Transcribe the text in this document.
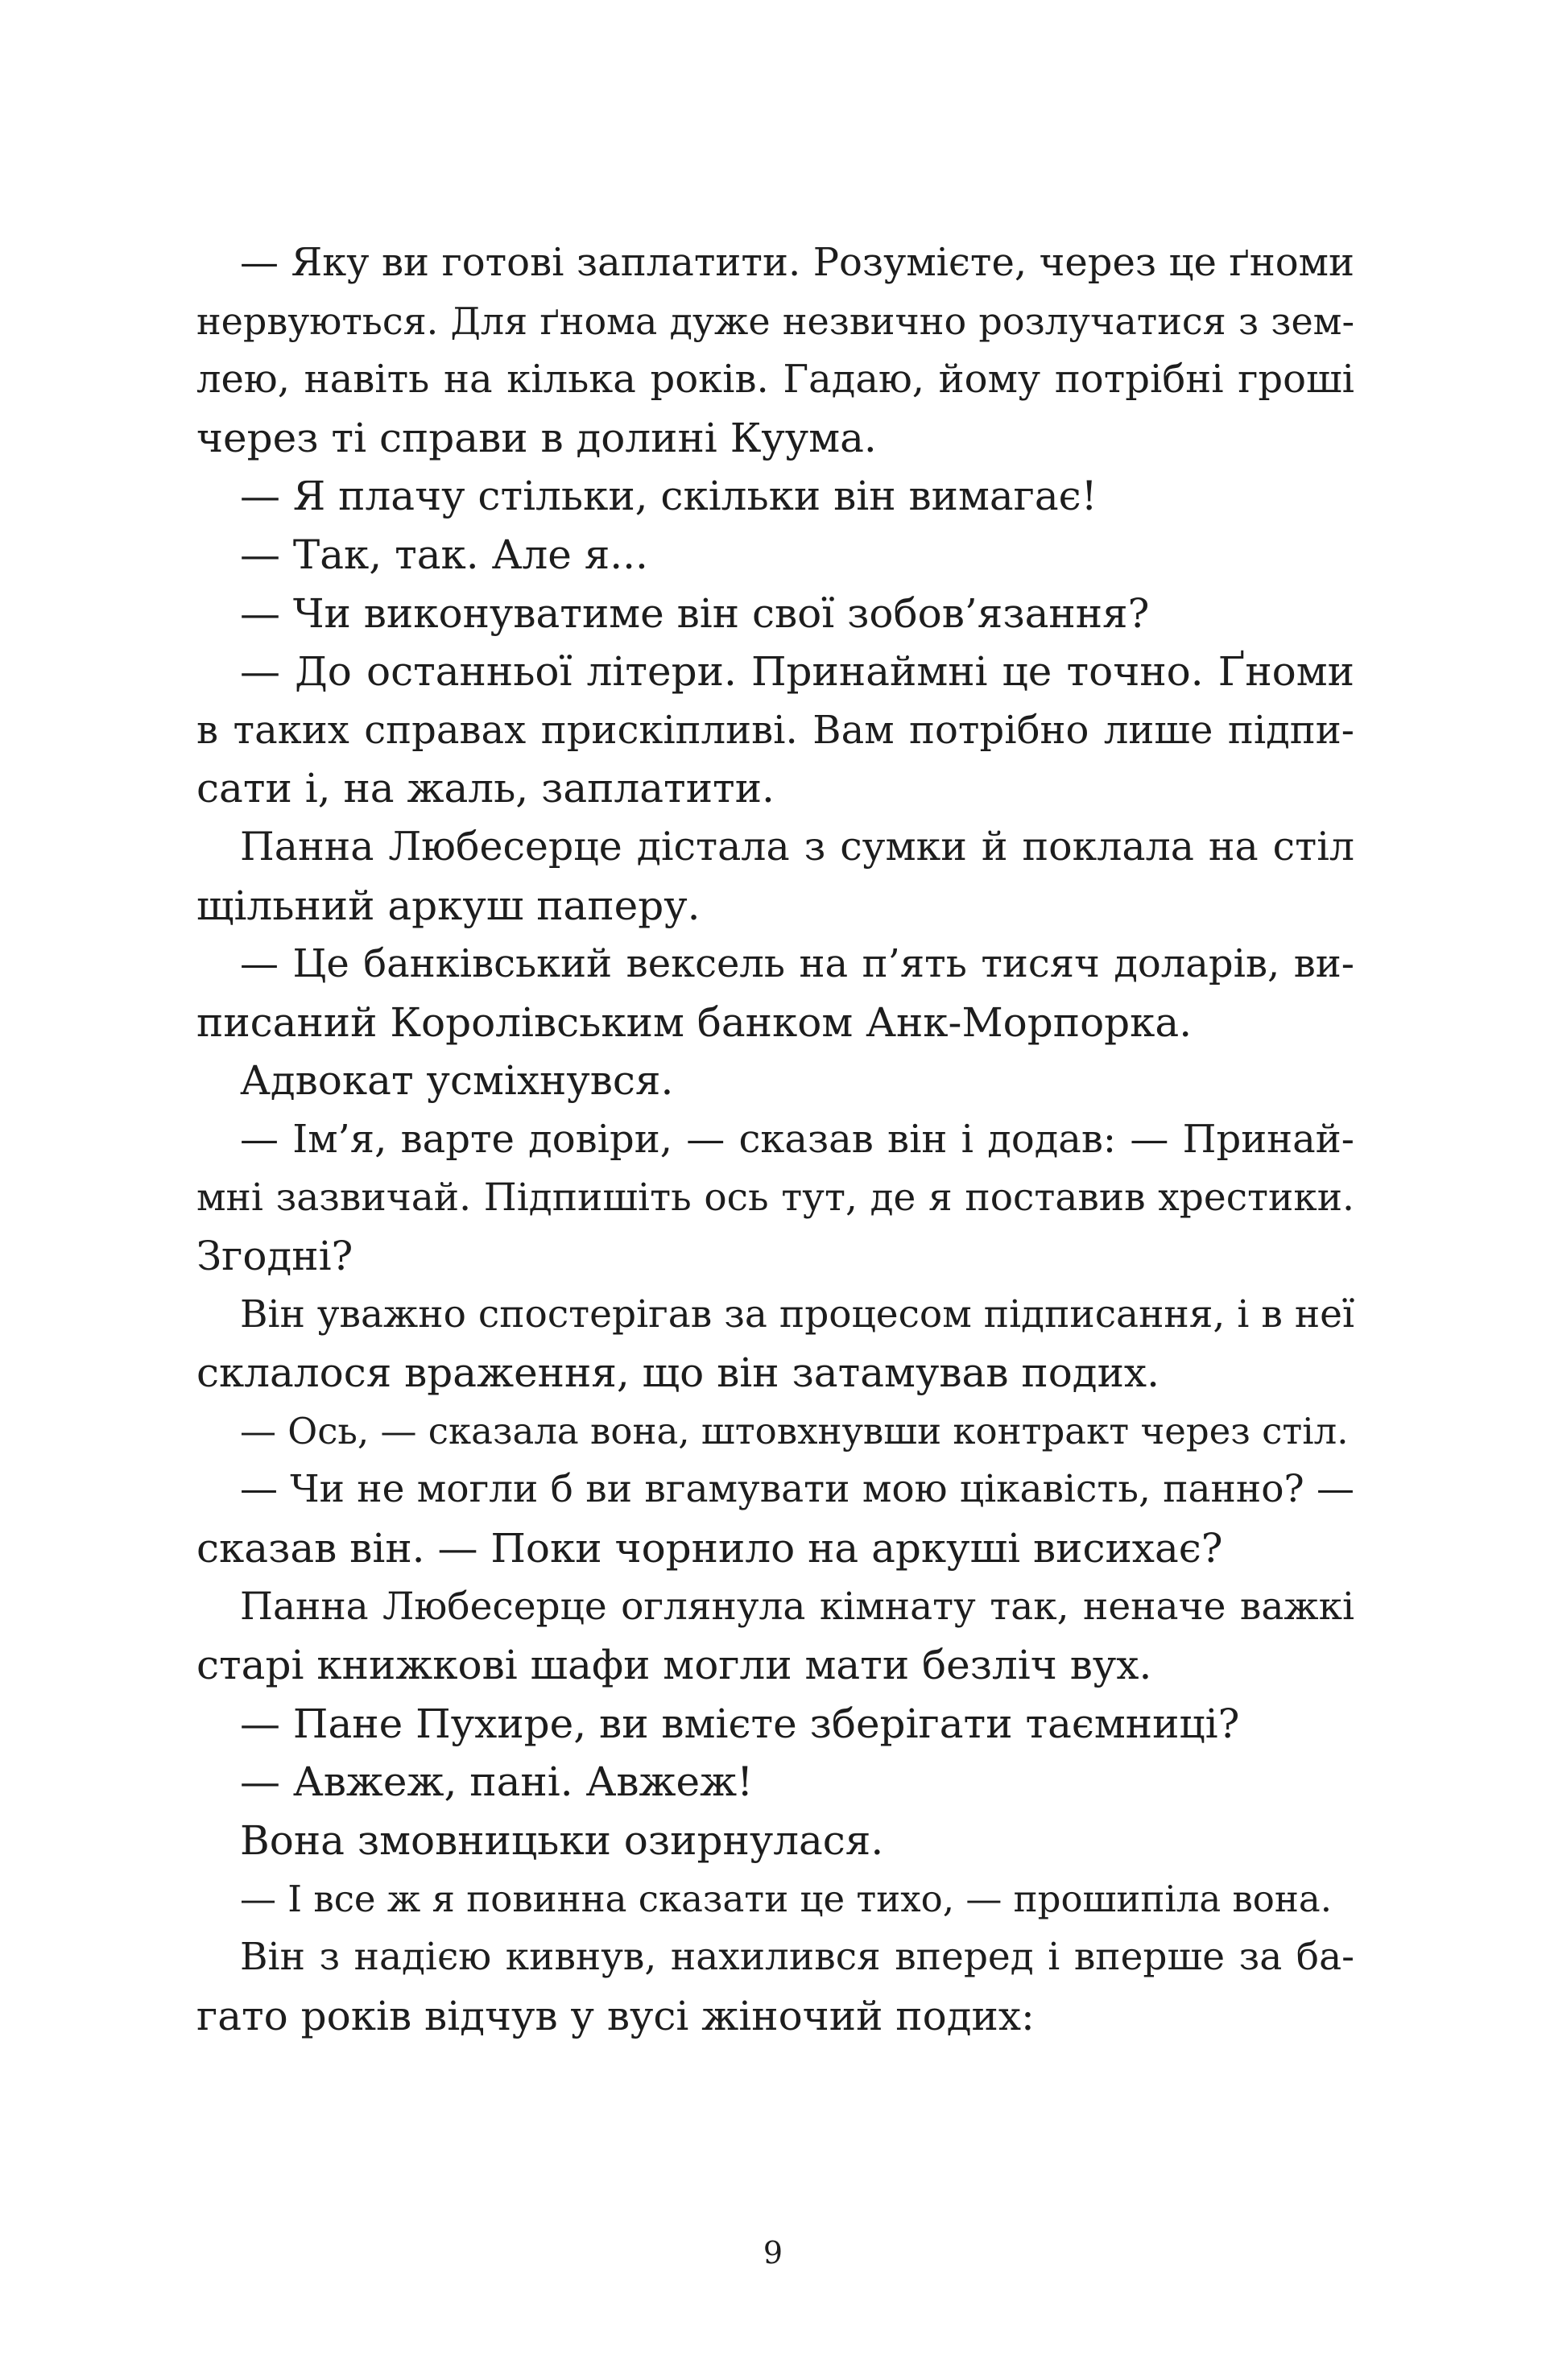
— Яку ви готові заплатити. Розумієте, через це ґноми
нервуються. Для ґнома дуже незвично розлучатися з зем-
лею, навіть на кілька років. Гадаю, йому потрібні гроші
через ті справи в долині Куума.
— Я плачу стільки, скільки він вимагає!
— Так, так. Але я...
— Чи виконуватиме він свої зобов’язання?
— До останньої літери. Принаймні це точно. Ґноми
в таких справах прискіпливі. Вам потрібно лише підпи-
сати і, на жаль, заплатити.
Панна Любесерце дістала з сумки й поклала на стіл
щільний аркуш паперу.
— Це банківський вексель на п’ять тисяч доларів, ви-
писаний Королівським банком Анк-Морпорка.
Адвокат усміхнувся.
— Ім’я, варте довіри, — сказав він і додав: — Принай-
мні зазвичай. Підпишіть ось тут, де я поставив хрестики.
Згодні?
Він уважно спостерігав за процесом підписання, і в неї
склалося враження, що він затамував подих.
— Ось, — сказала вона, штовхнувши контракт через стіл.
— Чи не могли б ви вгамувати мою цікавість, панно? —
сказав він. — Поки чорнило на аркуші висихає?
Панна Любесерце оглянула кімнату так, неначе важкі
старі книжкові шафи могли мати безліч вух.
— Пане Пухире, ви вмієте зберігати таємниці?
— Авжеж, пані. Авжеж!
Вона змовницьки озирнулася.
— І все ж я повинна сказати це тихо, — прошипіла вона.
Він з надією кивнув, нахилився вперед і вперше за ба-
гато років відчув у вусі жіночий подих:
9
